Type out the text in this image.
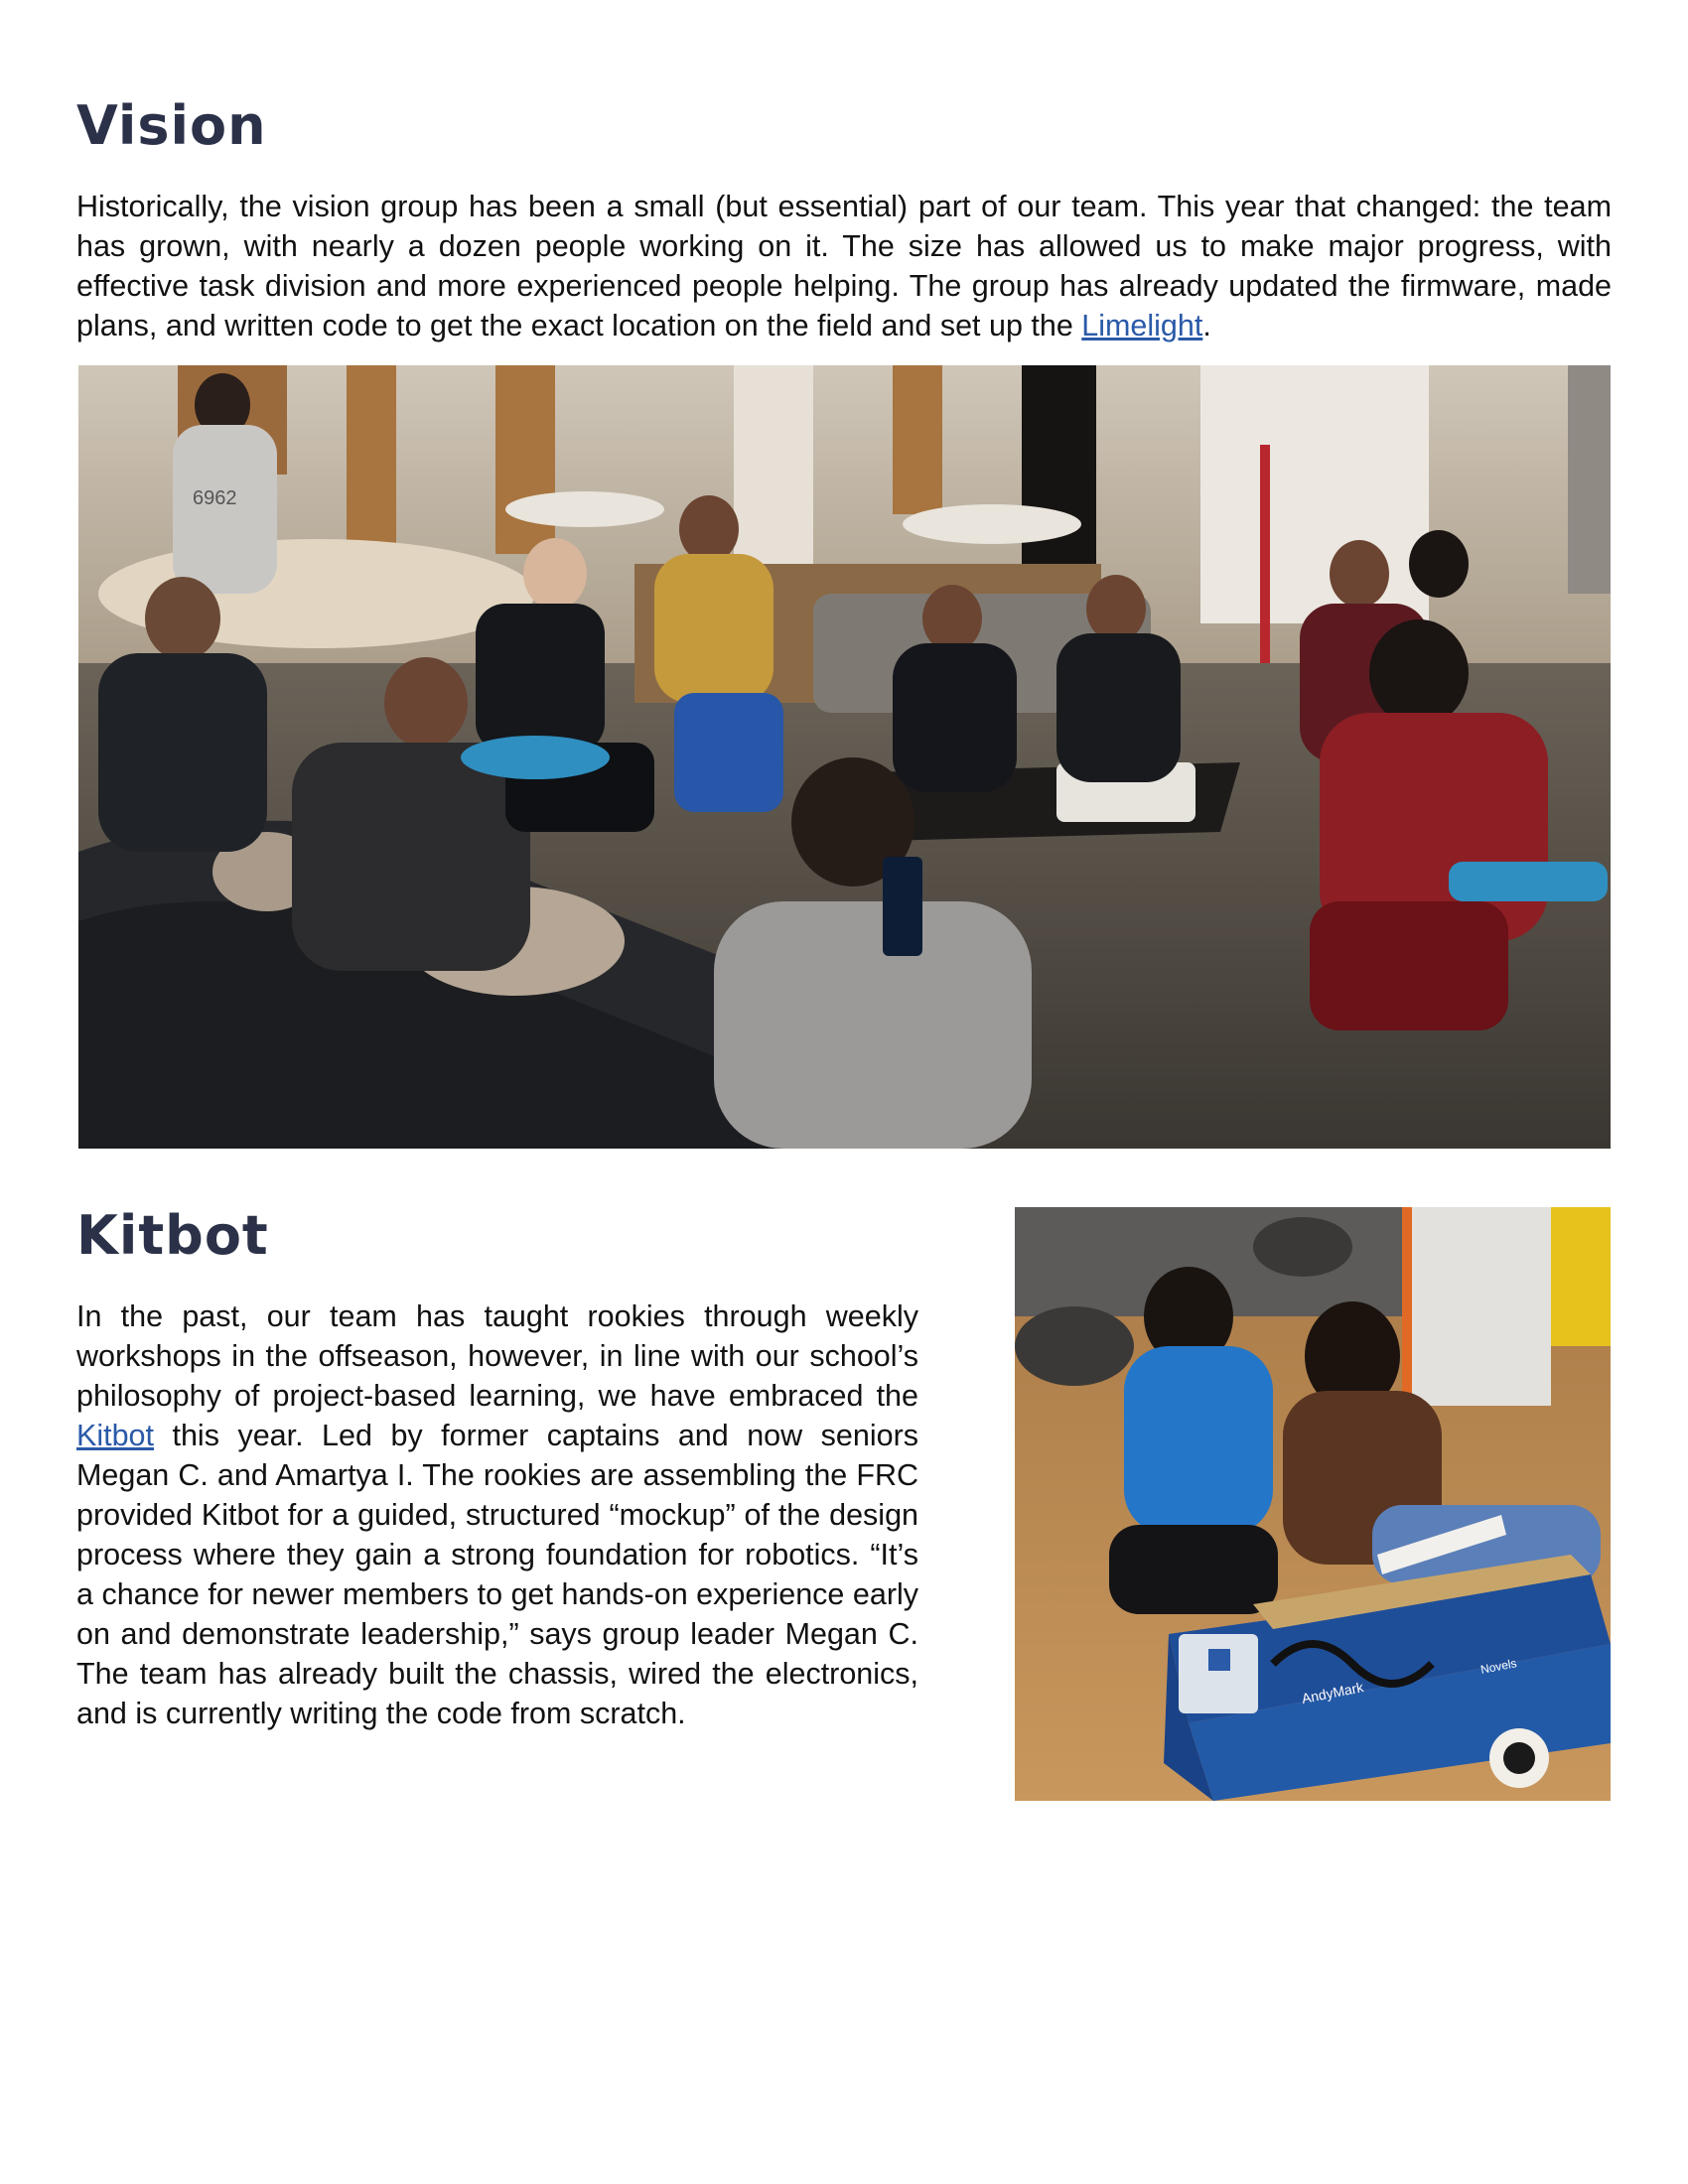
Vision

Historically, the vision group has been a small (but essential) part of our team. This year that changed: the team has grown, with nearly a dozen people working on it. The size has allowed us to make major progress, with effective task division and more experienced people helping. The group has already updated the firmware, made plans, and written code to get the exact location on the field and set up the Limelight.

6962
Kitbot

In the past, our team has taught rookies through weekly workshops in the offseason, however, in line with our school’s philosophy of project-based learning, we have embraced the Kitbot this year. Led by former captains and now seniors Megan C. and Amartya I. The rookies are assembling the FRC provided Kitbot for a guided, structured “mockup” of the design process where they gain a strong foundation for robotics. “It’s a chance for newer members to get hands-on experience early on and demonstrate leadership,” says group leader Megan C. The team has already built the chassis, wired the electronics, and is currently writing the code from scratch.

AndyMark
Novels
